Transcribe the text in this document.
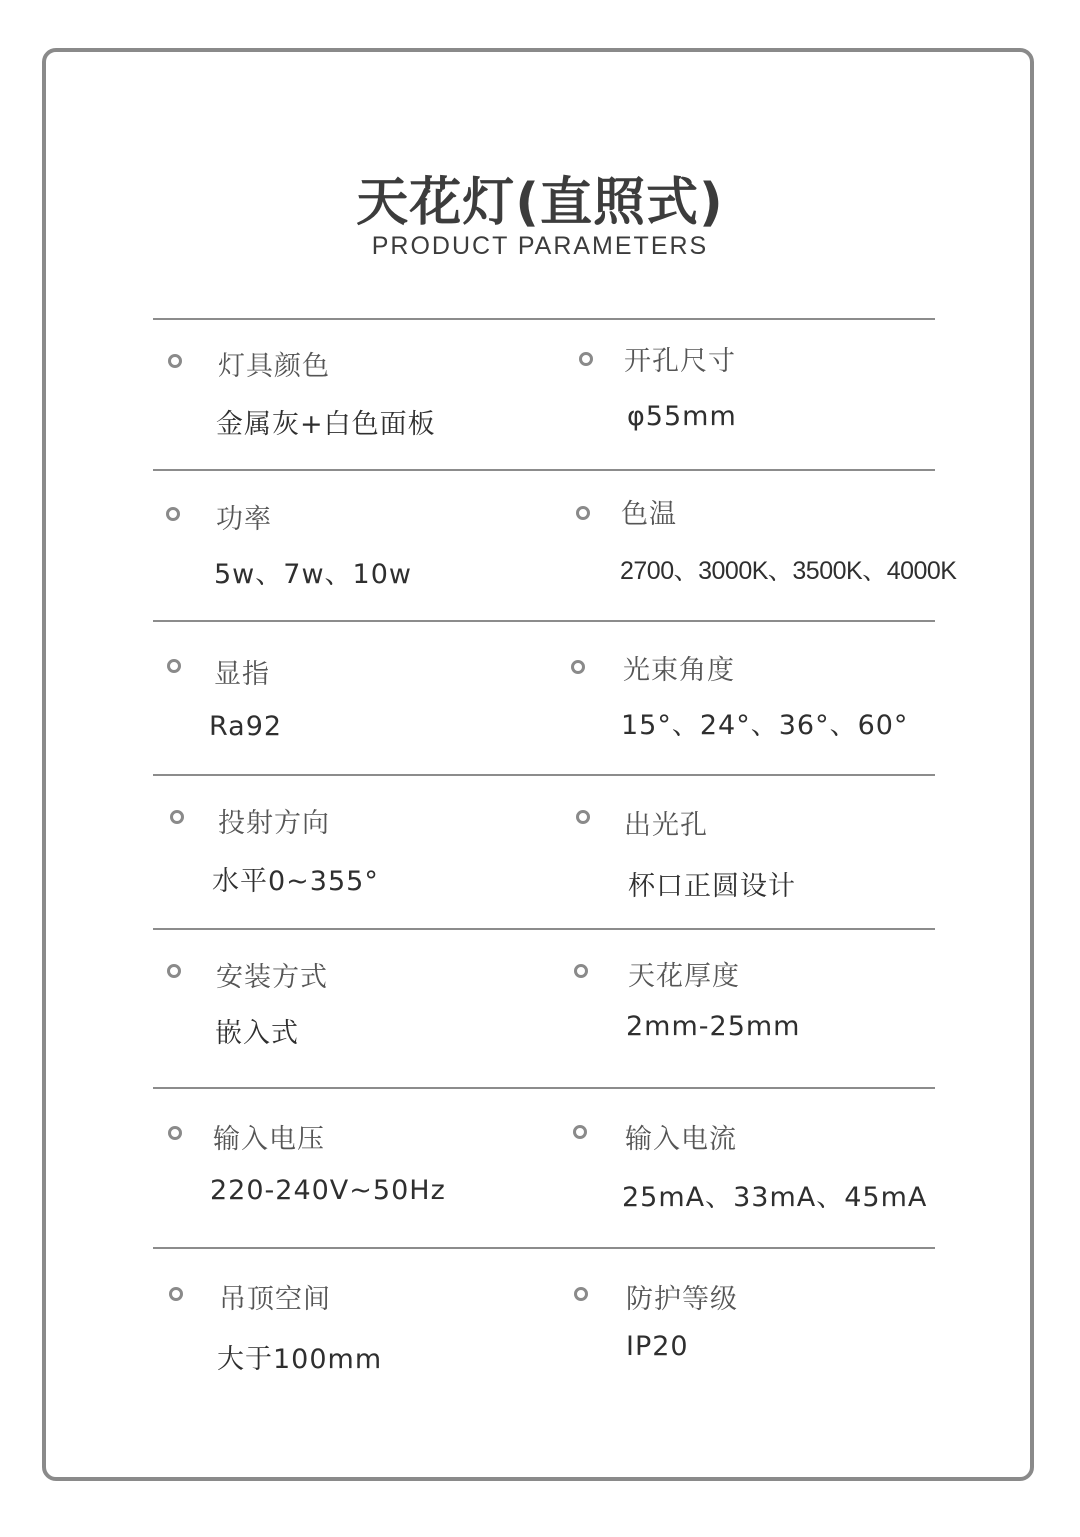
天花灯(直照式)
PRODUCT PARAMETERS
灯具颜色
金属灰+白色面板
开孔尺寸
φ55mm
功率
5w、7w、10w
色温
2700、3000K、3500K、4000K
显指
Ra92
光束角度
15°、24°、36°、60°
投射方向
水平0~355°
出光孔
杯口正圆设计
安装方式
嵌入式
天花厚度
2mm-25mm
输入电压
220-240V~50Hz
输入电流
25mA、33mA、45mA
吊顶空间
大于100mm
防护等级
IP20
